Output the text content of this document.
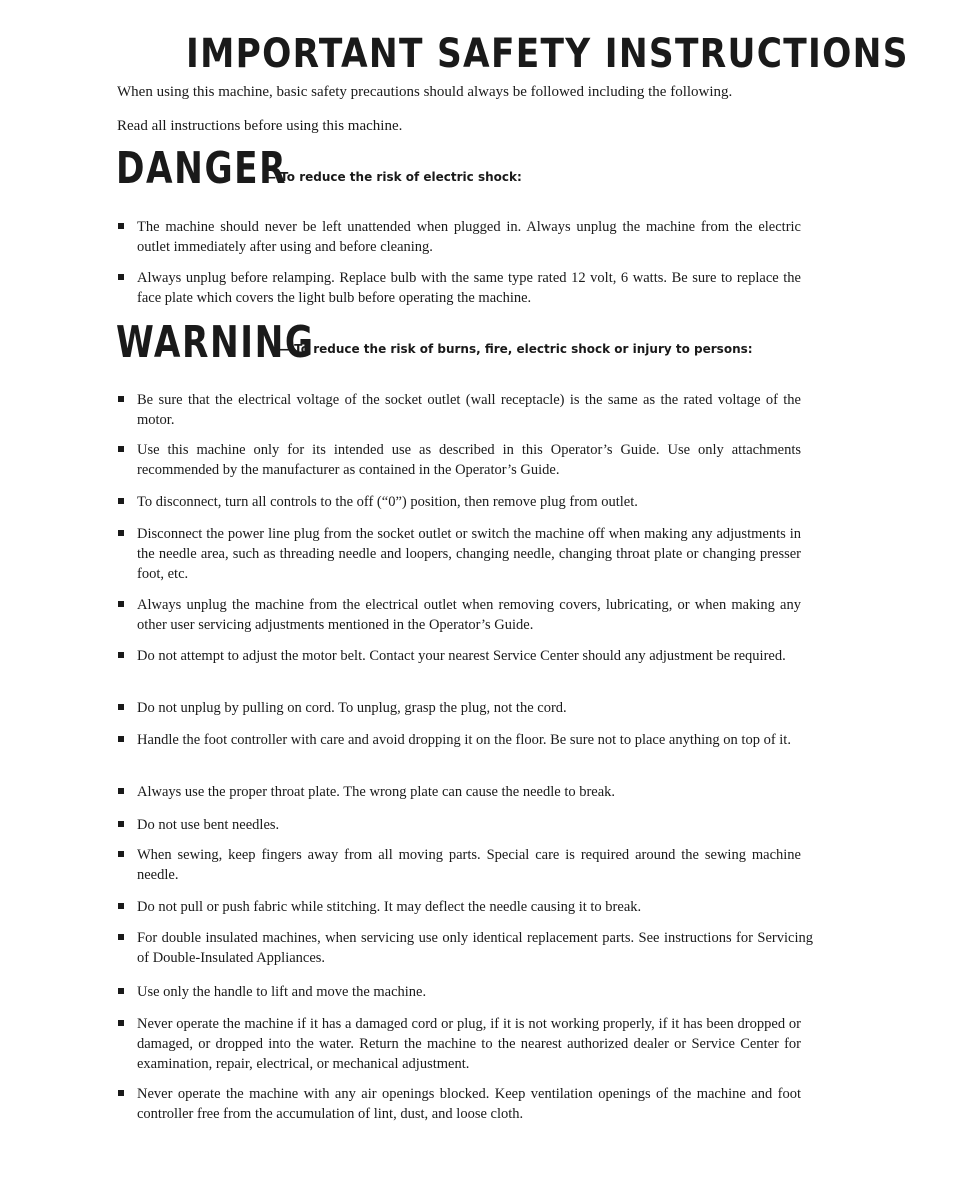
IMPORTANT SAFETY INSTRUCTIONS

When using this machine, basic safety precautions should always be followed including the following.

Read all instructions before using this machine.

DANGER
— To reduce the risk of electric shock:

The machine should never be left unattended when plugged in. Always unplug the machine from the electric outlet immediately after using and before cleaning.

Always unplug before relamping. Replace bulb with the same type rated 12 volt, 6 watts. Be sure to replace the face plate which covers the light bulb before operating the machine.

WARNING
— To reduce the risk of burns, fire, electric shock or injury to persons:

Be sure that the electrical voltage of the socket outlet (wall receptacle) is the same as the rated voltage of the motor.

Use this machine only for its intended use as described in this Operator’s Guide. Use only attachments recommended by the manufacturer as contained in the Operator’s Guide.

To disconnect, turn all controls to the off (“0”) position, then remove plug from outlet.

Disconnect the power line plug from the socket outlet or switch the machine off when making any adjustments in the needle area, such as threading needle and loopers, changing needle, changing throat plate or changing presser foot, etc.

Always unplug the machine from the electrical outlet when removing covers, lubricating, or when making any other user servicing adjustments mentioned in the Operator’s Guide.

Do not attempt to adjust the motor belt. Contact your nearest Service Center should any adjustment be required.

Do not unplug by pulling on cord. To unplug, grasp the plug, not the cord.

Handle the foot controller with care and avoid dropping it on the floor. Be sure not to place anything on top of it.

Always use the proper throat plate. The wrong plate can cause the needle to break.

Do not use bent needles.

When sewing, keep fingers away from all moving parts. Special care is required around the sewing machine needle.

Do not pull or push fabric while stitching. It may deflect the needle causing it to break.

For double insulated machines, when servicing use only identical replacement parts. See instructions for Servicing of Double-Insulated Appliances.

Use only the handle to lift and move the machine.

Never operate the machine if it has a damaged cord or plug, if it is not working properly, if it has been dropped or damaged, or dropped into the water. Return the machine to the nearest authorized dealer or Service Center for examination, repair, electrical, or mechanical adjustment.

Never operate the machine with any air openings blocked. Keep ventilation openings of the machine and foot controller free from the accumulation of lint, dust, and loose cloth.
